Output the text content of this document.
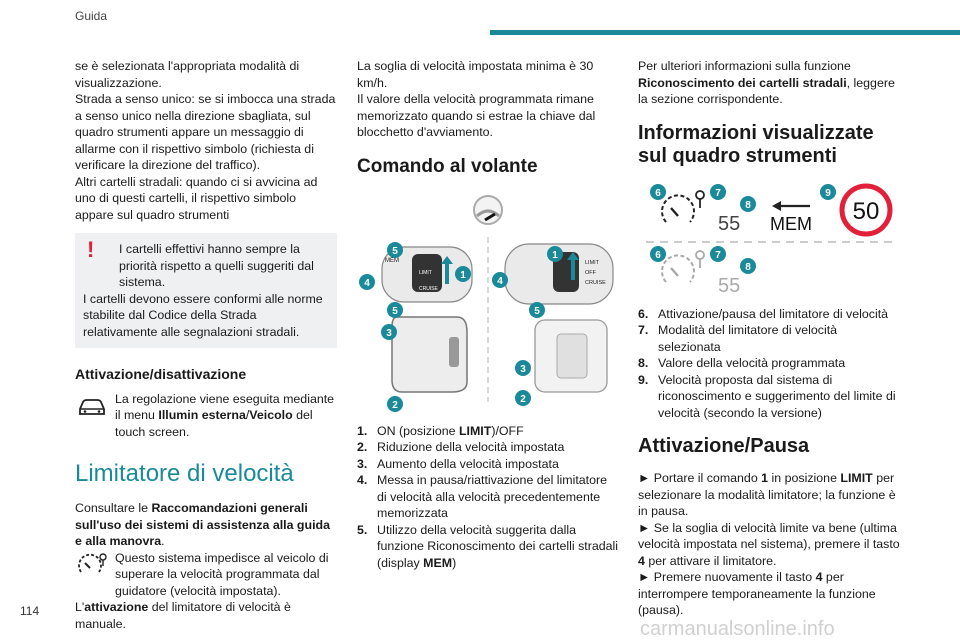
Guida

se è selezionata l'appropriata modalità di visualizzazione.

Strada a senso unico: se si imbocca una strada a senso unico nella direzione sbagliata, sul quadro strumenti appare un messaggio di allarme con il rispettivo simbolo (richiesta di verificare la direzione del traffico).

Altri cartelli stradali: quando ci si avvicina ad uno di questi cartelli, il rispettivo simbolo appare sul quadro strumenti

!	I cartelli effettivi hanno sempre la priorità rispetto a quelli suggeriti dal sistema.

I cartelli devono essere conformi alle norme stabilite dal Codice della Strada relativamente alle segnalazioni stradali.

Attivazione/disattivazione

La regolazione viene eseguita mediante il menu Illumin esterna/Veicolo del touch screen.

Limitatore di velocità

Consultare le Raccomandazioni generali sull'uso dei sistemi di assistenza alla guida e alla manovra.

Questo sistema impedisce al veicolo di superare la velocità programmata dal guidatore (velocità impostata).

L'attivazione del limitatore di velocità è manuale.

La soglia di velocità impostata minima è 30 km/h.

Il valore della velocità programmata rimane memorizzato quando si estrae la chiave dal blocchetto d'avviamento.

Comando al volante
MEM
LIMIT
CRUISE
LIMIT
OFF
CRUISE
5
4
5
1
3
2
1
4
5
3
2
1. ON (posizione LIMIT)/OFF
2. Riduzione della velocità impostata
3. Aumento della velocità impostata
4. Messa in pausa/riattivazione del limitatore di velocità alla velocità precedentemente memorizzata
5. Utilizzo della velocità suggerita dalla funzione Riconoscimento dei cartelli stradali (display MEM)

Per ulteriori informazioni sulla funzione Riconoscimento dei cartelli stradali, leggere la sezione corrispondente.

Informazioni visualizzate sul quadro strumenti
55 MEM 50
55
6	7
8
9
6	7
8
6. Attivazione/pausa del limitatore di velocità
7. Modalità del limitatore di velocità selezionata
8. Valore della velocità programmata
9. Velocità proposta dal sistema di riconoscimento e suggerimento del limite di velocità (secondo la versione)
Attivazione/Pausa

► Portare il comando 1 in posizione LIMIT per selezionare la modalità limitatore; la funzione è in pausa.

► Se la soglia di velocità limite va bene (ultima velocità impostata nel sistema), premere il tasto 4 per attivare il limitatore.

► Premere nuovamente il tasto 4 per interrompere temporaneamente la funzione (pausa).

114
carmanualsonline.info
